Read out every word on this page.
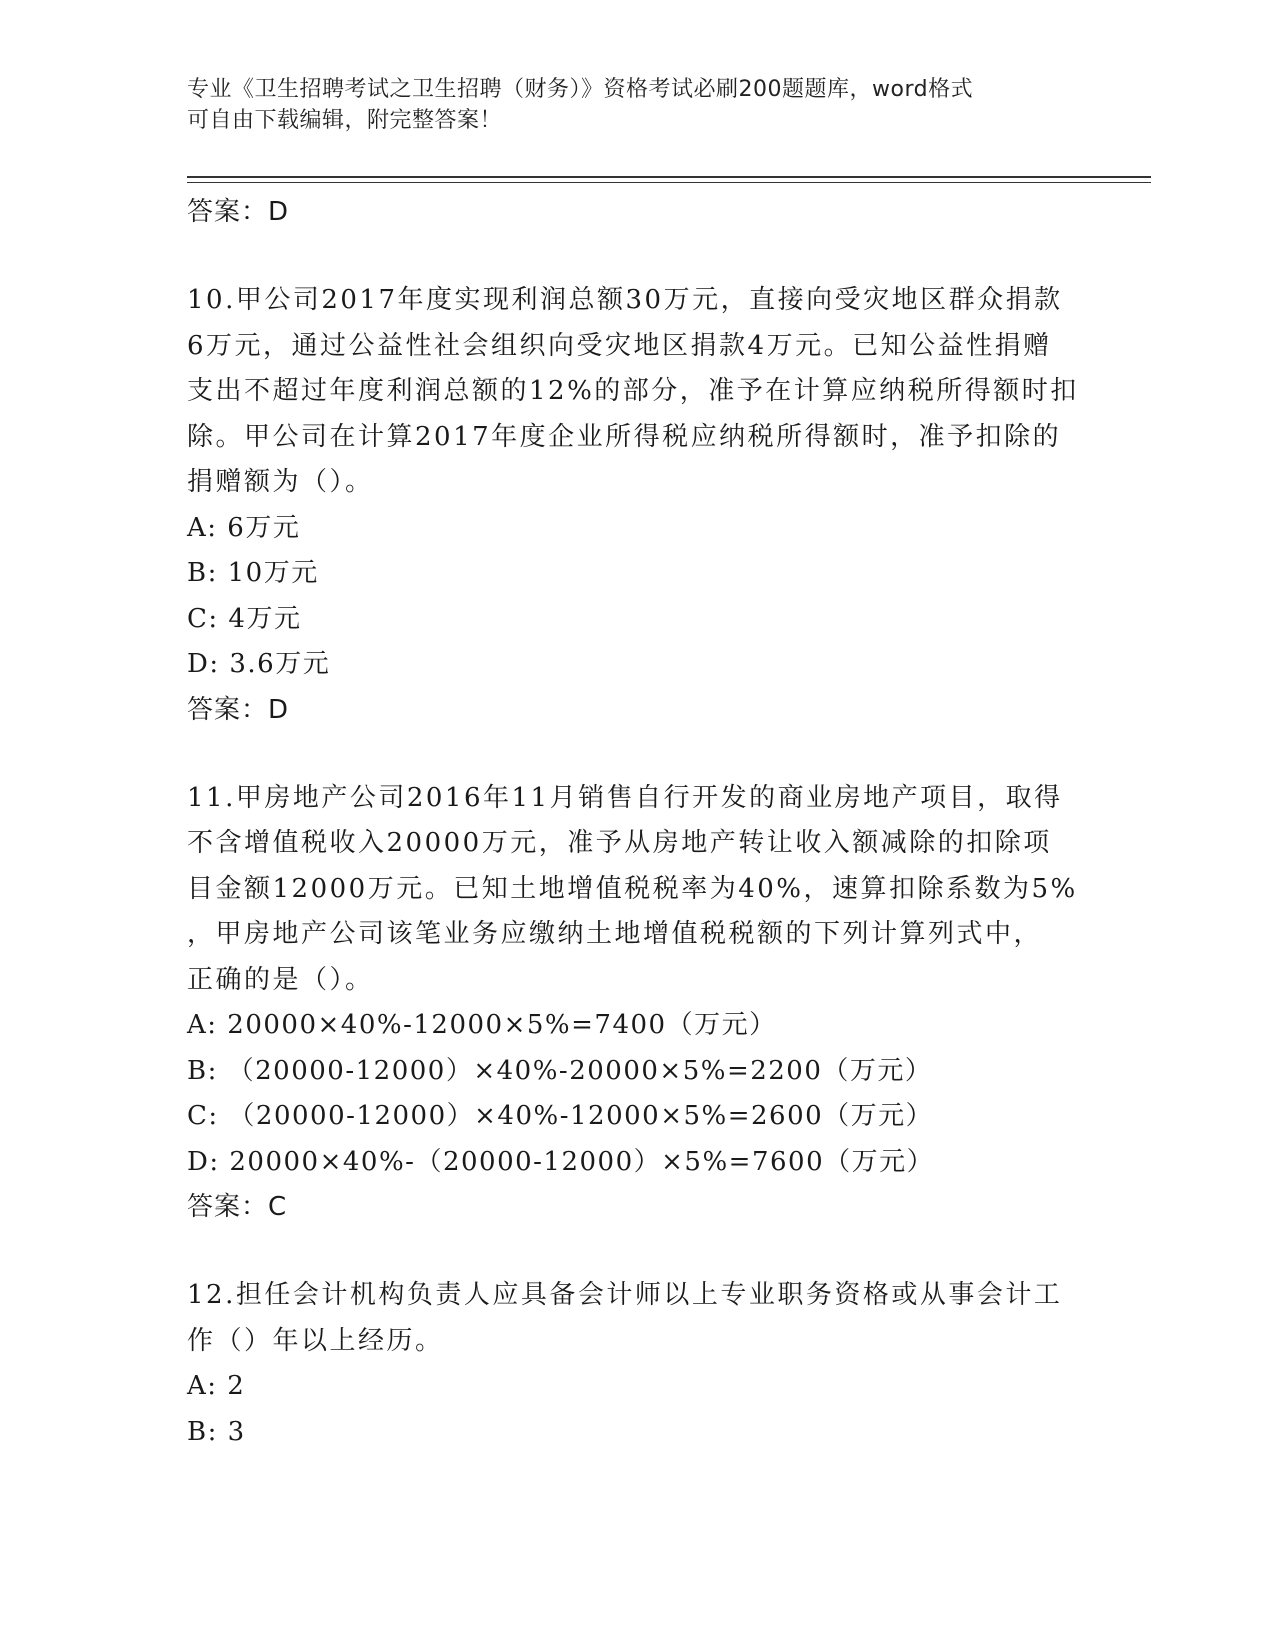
专业《卫生招聘考试之卫生招聘（财务）》资格考试必刷200题题库，word格式
可自由下载编辑，附完整答案！
答案：D
10.甲公司2017年度实现利润总额30万元，直接向受灾地区群众捐款
6万元，通过公益性社会组织向受灾地区捐款4万元。已知公益性捐赠
支出不超过年度利润总额的12%的部分，准予在计算应纳税所得额时扣
除。甲公司在计算2017年度企业所得税应纳税所得额时，准予扣除的
捐赠额为（）。
A: 6万元
B: 10万元
C: 4万元
D: 3.6万元
答案：D
11.甲房地产公司2016年11月销售自行开发的商业房地产项目，取得
不含增值税收入20000万元，准予从房地产转让收入额减除的扣除项
目金额12000万元。已知土地增值税税率为40%，速算扣除系数为5%
，甲房地产公司该笔业务应缴纳土地增值税税额的下列计算列式中，
正确的是（）。
A: 20000×40%-12000×5%=7400（万元）
B: （20000-12000）×40%-20000×5%=2200（万元）
C: （20000-12000）×40%-12000×5%=2600（万元）
D: 20000×40%-（20000-12000）×5%=7600（万元）
答案：C
12.担任会计机构负责人应具备会计师以上专业职务资格或从事会计工
作（）年以上经历。
A: 2
B: 3
